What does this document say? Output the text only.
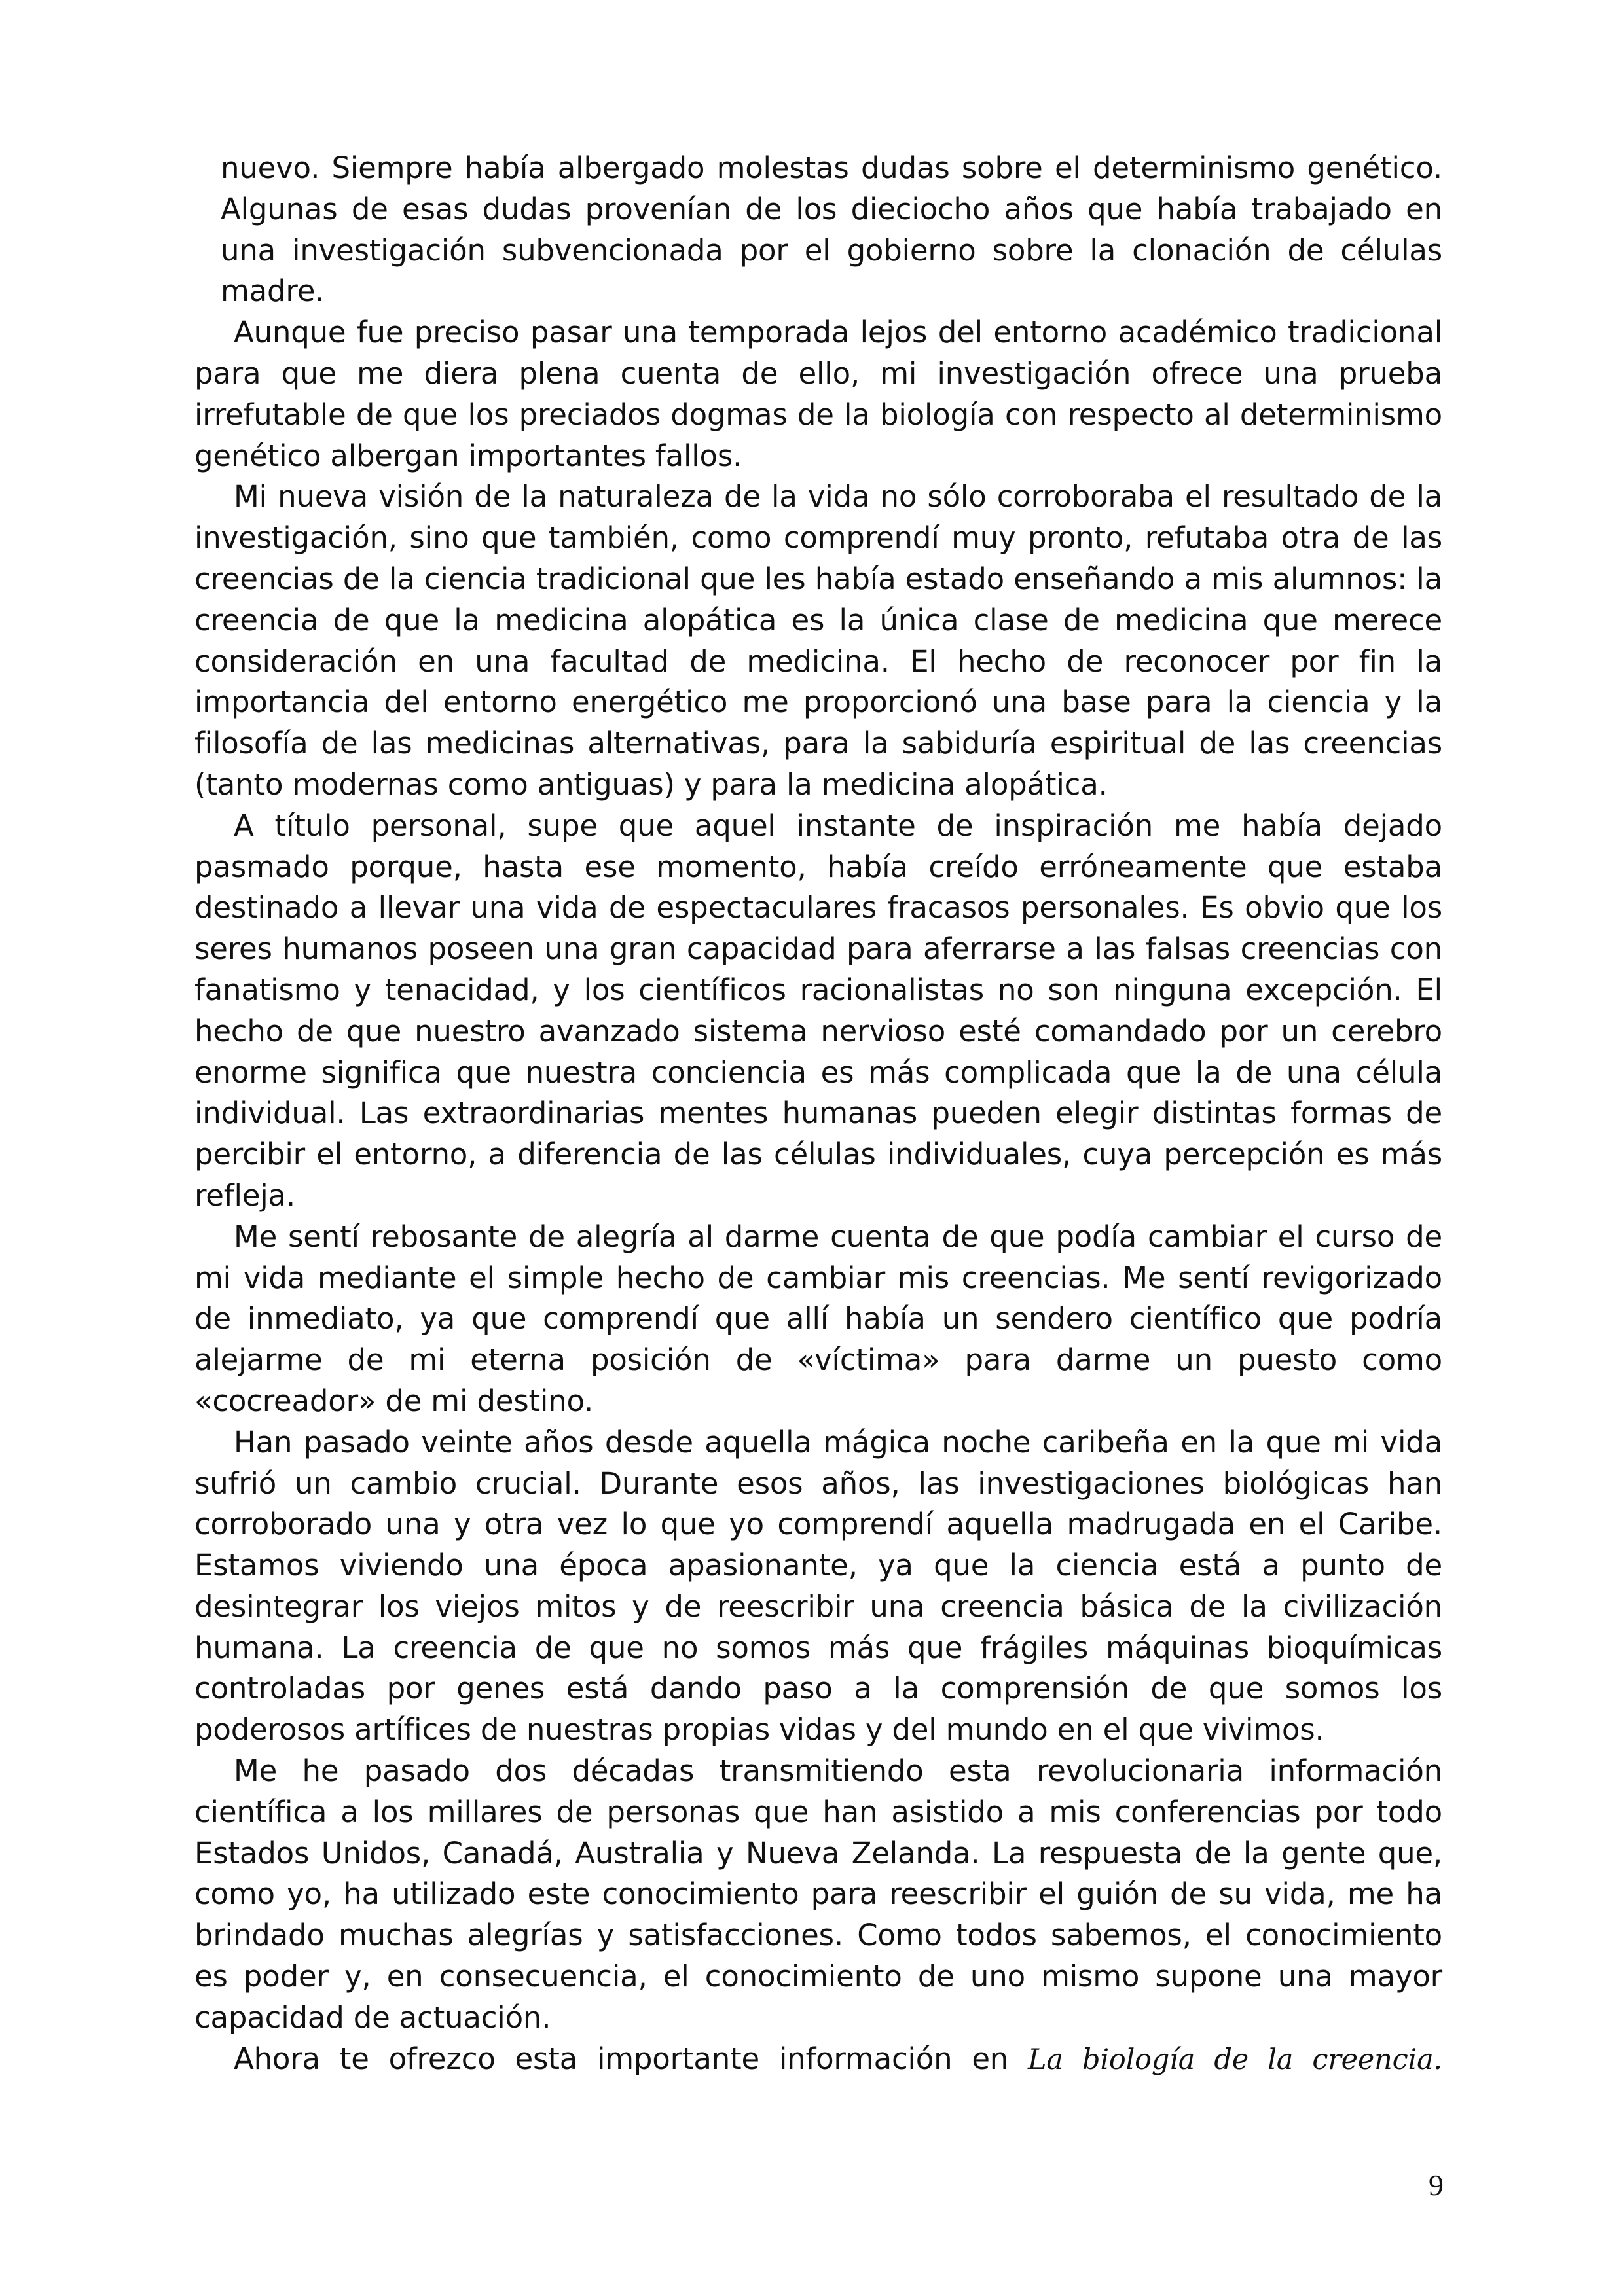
nuevo. Siempre había albergado molestas dudas sobre el determinismo genético. Algunas de esas dudas provenían de los dieciocho años que había trabajado en una investigación subvencionada por el gobierno sobre la clonación de células madre.

Aunque fue preciso pasar una temporada lejos del entorno académico tradicional para que me diera plena cuenta de ello, mi investigación ofrece una prueba irrefutable de que los preciados dogmas de la biología con respecto al determinismo genético albergan importantes fallos.

Mi nueva visión de la naturaleza de la vida no sólo corroboraba el resultado de la investigación, sino que también, como comprendí muy pronto, refutaba otra de las creencias de la ciencia tradicional que les había estado enseñando a mis alumnos: la creencia de que la medicina alopática es la única clase de medicina que merece consideración en una facultad de medicina. El hecho de reconocer por fin la importancia del entorno energético me proporcionó una base para la ciencia y la filosofía de las medicinas alternativas, para la sabiduría espiritual de las creencias (tanto modernas como antiguas) y para la medicina alopática.

A título personal, supe que aquel instante de inspiración me había dejado pasmado porque, hasta ese momento, había creído erróneamente que estaba destinado a llevar una vida de espectaculares fracasos personales. Es obvio que los seres humanos poseen una gran capacidad para aferrarse a las falsas creencias con fanatismo y tenacidad, y los científicos racionalistas no son ninguna excepción. El hecho de que nuestro avanzado sistema nervioso esté comandado por un cerebro enorme significa que nuestra conciencia es más complicada que la de una célula individual. Las extraordinarias mentes humanas pueden elegir distintas formas de percibir el entorno, a diferencia de las células individuales, cuya percepción es más refleja.

Me sentí rebosante de alegría al darme cuenta de que podía cambiar el curso de mi vida mediante el simple hecho de cambiar mis creencias. Me sentí revigorizado de inmediato, ya que comprendí que allí había un sendero científico que podría alejarme de mi eterna posición de «víctima» para darme un puesto como «cocreador» de mi destino.

Han pasado veinte años desde aquella mágica noche caribeña en la que mi vida sufrió un cambio crucial. Durante esos años, las investigaciones biológicas han corroborado una y otra vez lo que yo comprendí aquella madrugada en el Caribe. Estamos viviendo una época apasionante, ya que la ciencia está a punto de desintegrar los viejos mitos y de reescribir una creencia básica de la civilización humana. La creencia de que no somos más que frágiles máquinas bioquímicas controladas por genes está dando paso a la comprensión de que somos los poderosos artífices de nuestras propias vidas y del mundo en el que vivimos.

Me he pasado dos décadas transmitiendo esta revolucionaria información científica a los millares de personas que han asistido a mis conferencias por todo Estados Unidos, Canadá, Australia y Nueva Zelanda. La respuesta de la gente que, como yo, ha utilizado este conocimiento para reescribir el guión de su vida, me ha brindado muchas alegrías y satisfacciones. Como todos sabemos, el conocimiento es poder y, en consecuencia, el conocimiento de uno mismo supone una mayor capacidad de actuación.

Ahora te ofrezco esta importante información en La biología de la creencia.

9
